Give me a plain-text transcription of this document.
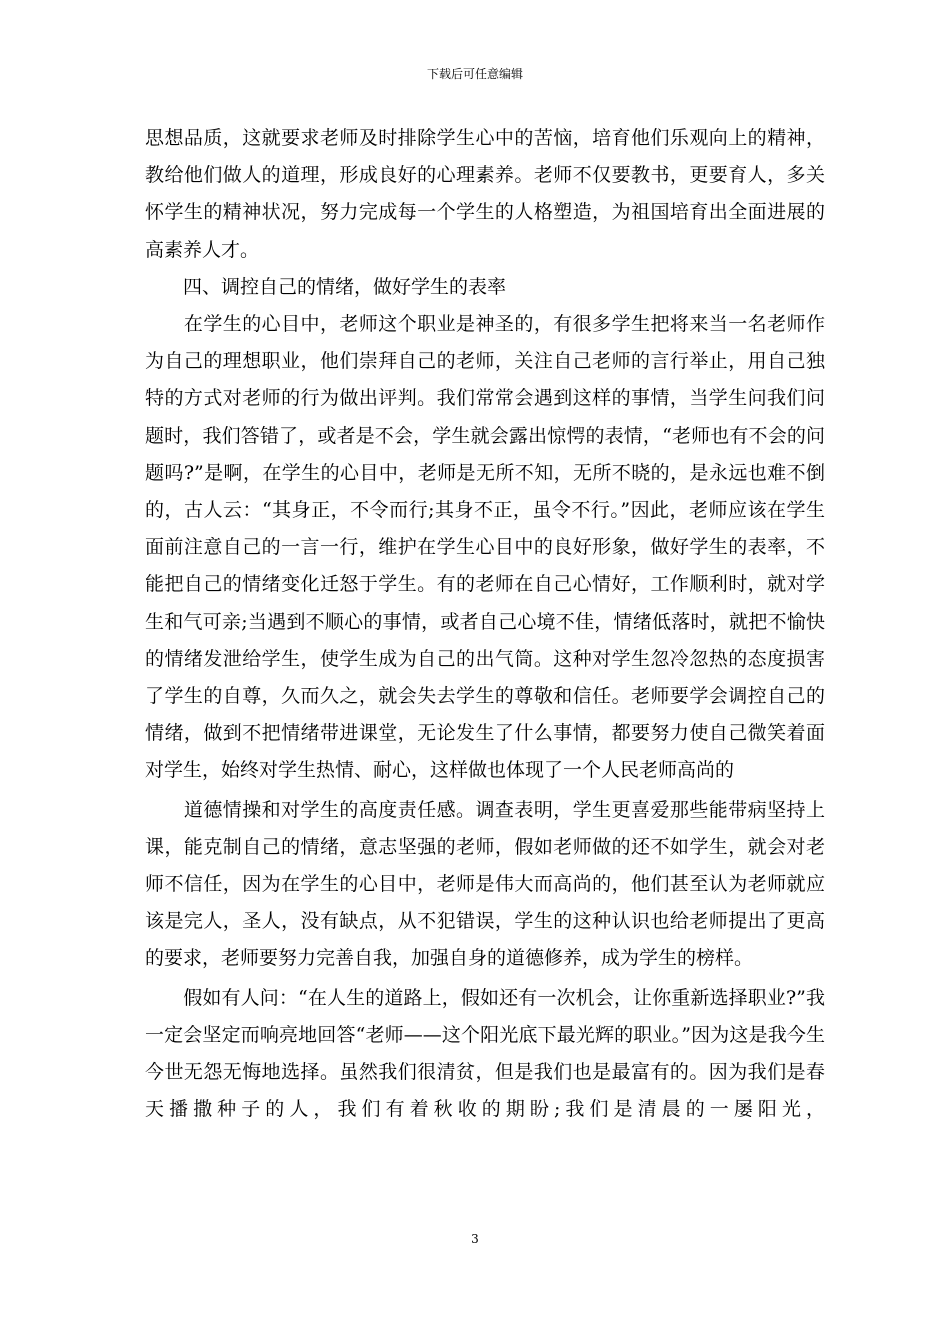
下载后可任意编辑

思想品质，这就要求老师及时排除学生心中的苦恼，培育他们乐观向上的精神，教给他们做人的道理，形成良好的心理素养。老师不仅要教书，更要育人，多关怀学生的精神状况，努力完成每一个学生的人格塑造，为祖国培育出全面进展的高素养人才。

　　四、调控自己的情绪，做好学生的表率

　　在学生的心目中，老师这个职业是神圣的，有很多学生把将来当一名老师作为自己的理想职业，他们崇拜自己的老师，关注自己老师的言行举止，用自己独特的方式对老师的行为做出评判。我们常常会遇到这样的事情，当学生问我们问题时，我们答错了，或者是不会，学生就会露出惊愕的表情，“老师也有不会的问题吗?”是啊，在学生的心目中，老师是无所不知，无所不晓的，是永远也难不倒的，古人云：“其身正，不令而行;其身不正，虽令不行。”因此，老师应该在学生面前注意自己的一言一行，维护在学生心目中的良好形象，做好学生的表率，不能把自己的情绪变化迁怒于学生。有的老师在自己心情好，工作顺利时，就对学生和气可亲;当遇到不顺心的事情，或者自己心境不佳，情绪低落时，就把不愉快的情绪发泄给学生，使学生成为自己的出气筒。这种对学生忽冷忽热的态度损害了学生的自尊，久而久之，就会失去学生的尊敬和信任。老师要学会调控自己的情绪，做到不把情绪带进课堂，无论发生了什么事情，都要努力使自己微笑着面对学生，始终对学生热情、耐心，这样做也体现了一个人民老师高尚的

　　道德情操和对学生的高度责任感。调查表明，学生更喜爱那些能带病坚持上课，能克制自己的情绪，意志坚强的老师，假如老师做的还不如学生，就会对老师不信任，因为在学生的心目中，老师是伟大而高尚的，他们甚至认为老师就应该是完人，圣人，没有缺点，从不犯错误，学生的这种认识也给老师提出了更高的要求，老师要努力完善自我，加强自身的道德修养，成为学生的榜样。

　　假如有人问：“在人生的道路上，假如还有一次机会，让你重新选择职业?”我一定会坚定而响亮地回答“老师——这个阳光底下最光辉的职业。”因为这是我今生今世无怨无悔地选择。虽然我们很清贫，但是我们也是最富有的。因为我们是春天播撒种子的人，我们有着秋收的期盼;我们是清晨的一屡阳光，

3
